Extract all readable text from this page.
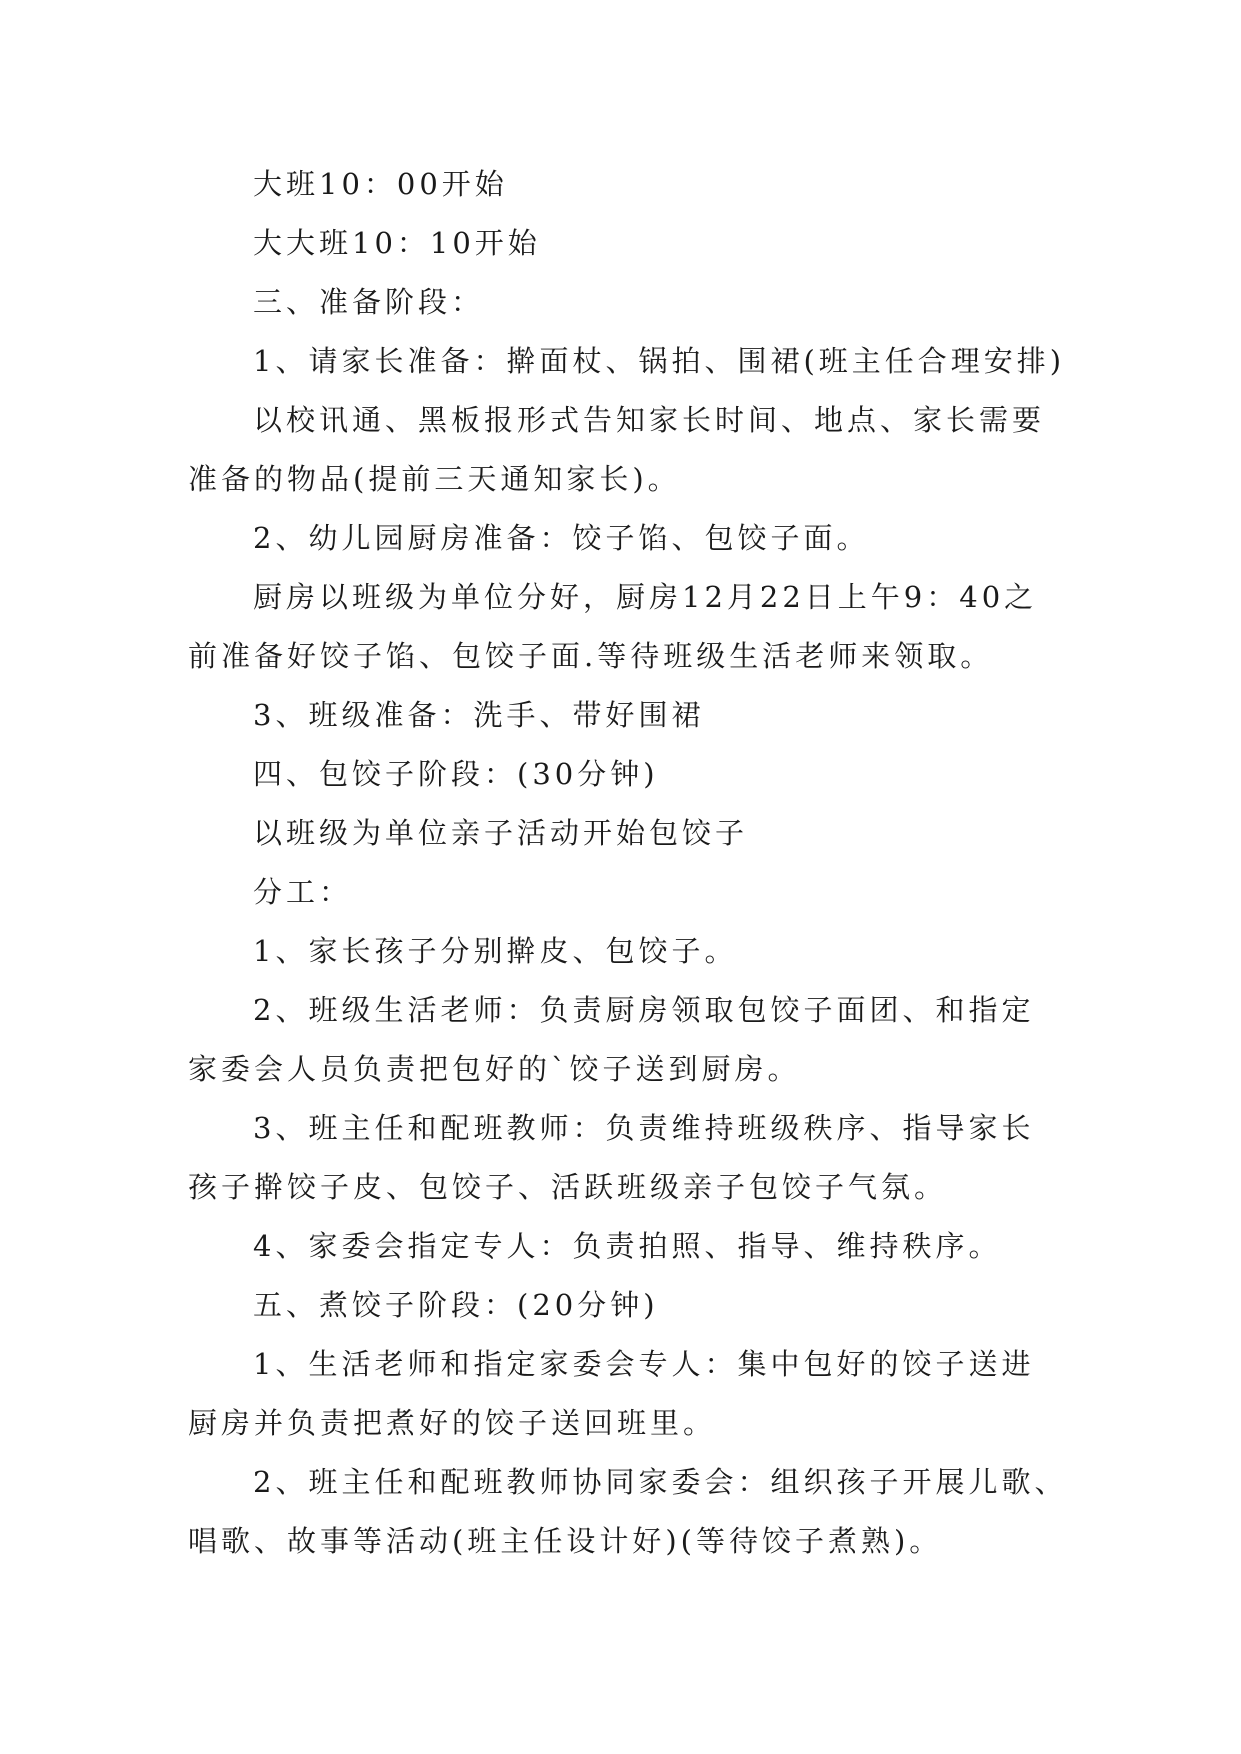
大班10：00开始
大大班10：10开始
三、准备阶段：
1、请家长准备：擀面杖、锅拍、围裙(班主任合理安排)
以校讯通、黑板报形式告知家长时间、地点、家长需要
准备的物品(提前三天通知家长)。
2、幼儿园厨房准备：饺子馅、包饺子面。
厨房以班级为单位分好，厨房12月22日上午9：40之
前准备好饺子馅、包饺子面.等待班级生活老师来领取。
3、班级准备：洗手、带好围裙
四、包饺子阶段：(30分钟)
以班级为单位亲子活动开始包饺子
分工：
1、家长孩子分别擀皮、包饺子。
2、班级生活老师：负责厨房领取包饺子面团、和指定
家委会人员负责把包好的`饺子送到厨房。
3、班主任和配班教师：负责维持班级秩序、指导家长
孩子擀饺子皮、包饺子、活跃班级亲子包饺子气氛。
4、家委会指定专人：负责拍照、指导、维持秩序。
五、煮饺子阶段：(20分钟)
1、生活老师和指定家委会专人：集中包好的饺子送进
厨房并负责把煮好的饺子送回班里。
2、班主任和配班教师协同家委会：组织孩子开展儿歌、
唱歌、故事等活动(班主任设计好)(等待饺子煮熟)。
